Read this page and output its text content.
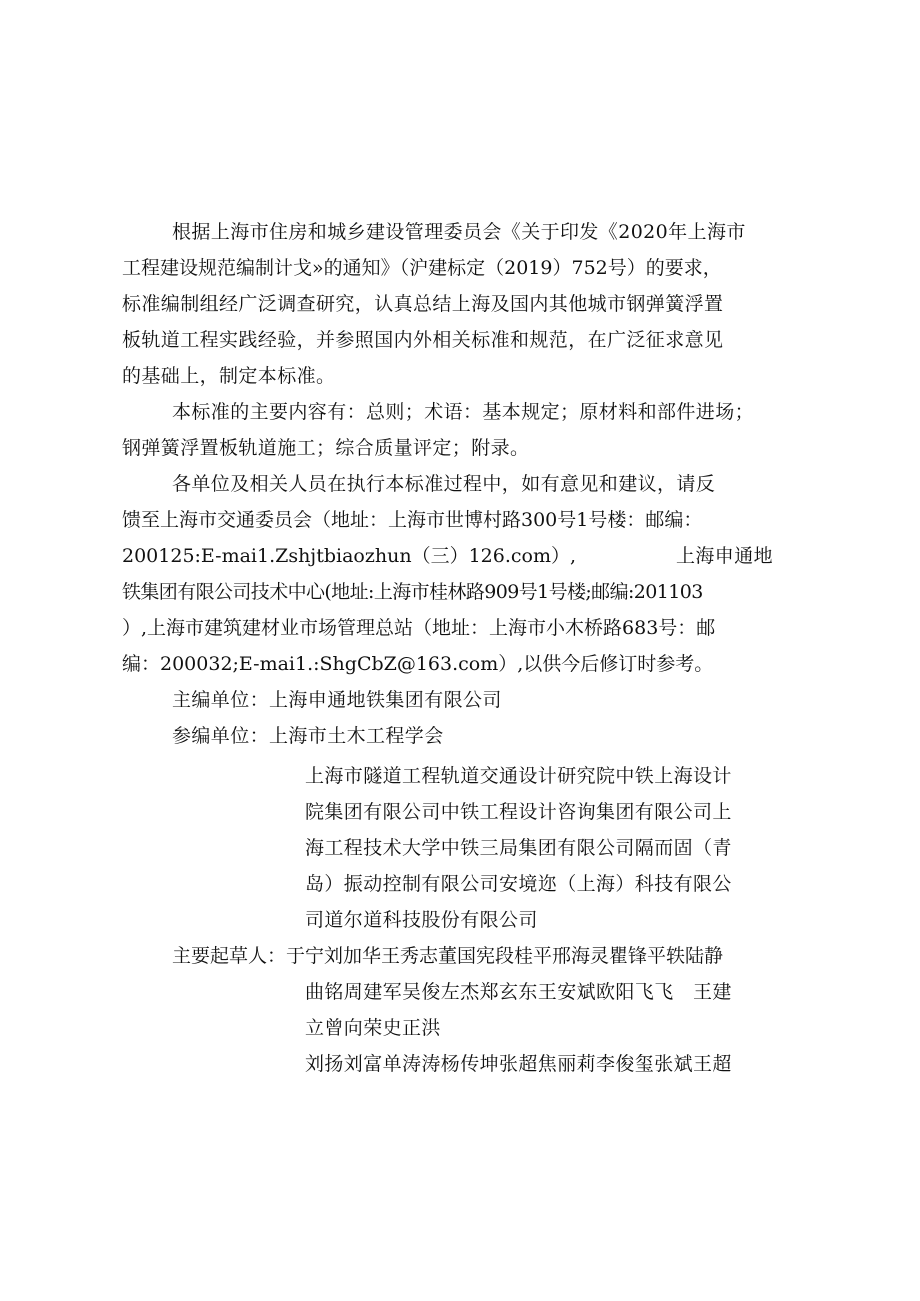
根据上海市住房和城乡建设管理委员会《关于印发《2020年上海市
工程建设规范编制计戈»的通知》（沪建标定（2019）752号）的要求，
标准编制组经广泛调查研究，认真总结上海及国内其他城市钢弹簧浮置
板轨道工程实践经验，并参照国内外相关标准和规范，在广泛征求意见
的基础上，制定本标准。
本标准的主要内容有：总则；术语：基本规定；原材料和部件进场；
钢弹簧浮置板轨道施工；综合质量评定；附录。
各单位及相关人员在执行本标准过程中，如有意见和建议，请反
馈至上海市交通委员会（地址：上海市世博村路300号1号楼：邮编：
200125:E-mai1.Zshjtbiaozhun（三）126.com）,	上海申通地
铁集团有限公司技术中心(地址:上海市桂林路909号1号楼;邮编:201103
）,上海市建筑建材业市场管理总站（地址：上海市小木桥路683号：邮
编：200032;E-mai1.:ShgCbZ@163.com）,以供今后修订时参考。
主编单位：上海申通地铁集团有限公司
参编单位：上海市土木工程学会
上海市隧道工程轨道交通设计研究院中铁上海设计
院集团有限公司中铁工程设计咨询集团有限公司上
海工程技术大学中铁三局集团有限公司隔而固（青
岛）振动控制有限公司安境迩（上海）科技有限公
司道尔道科技股份有限公司
主要起草人：于宁刘加华王秀志董国宪段桂平邢海灵瞿锋平轶陆静
曲铭周建军吴俊左杰郑玄东王安斌欧阳飞飞　王建
立曾向荣史正洪
刘扬刘富单涛涛杨传坤张超焦丽莉李俊玺张斌王超
